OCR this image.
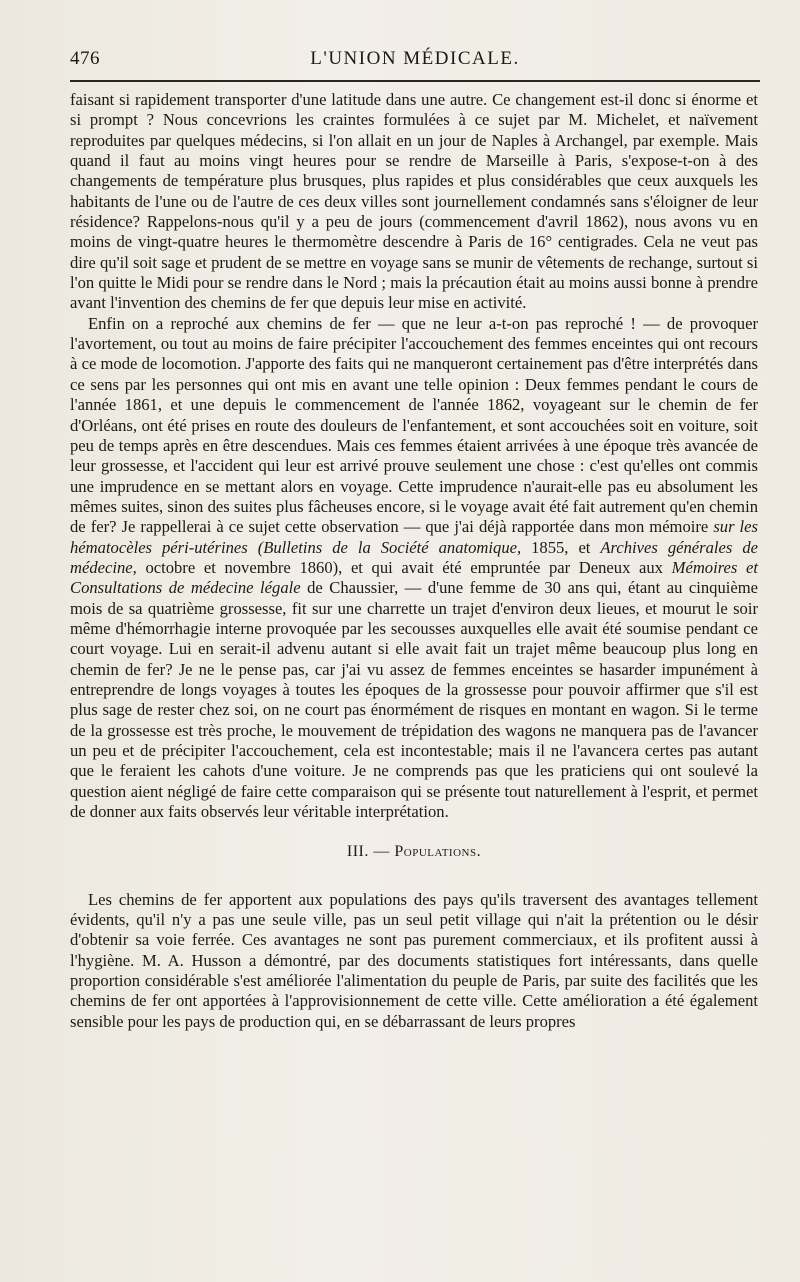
476	L'UNION MÉDICALE.

faisant si rapidement transporter d'une latitude dans une autre. Ce changement est-il donc si énorme et si prompt ? Nous concevrions les craintes formulées à ce sujet par M. Michelet, et naïvement reproduites par quelques médecins, si l'on allait en un jour de Naples à Archangel, par exemple. Mais quand il faut au moins vingt heures pour se rendre de Marseille à Paris, s'expose-t-on à des changements de température plus brusques, plus rapides et plus considérables que ceux auxquels les habitants de l'une ou de l'autre de ces deux villes sont journellement condamnés sans s'éloigner de leur résidence? Rappelons-nous qu'il y a peu de jours (commencement d'avril 1862), nous avons vu en moins de vingt-quatre heures le thermomètre descendre à Paris de 16° centigrades. Cela ne veut pas dire qu'il soit sage et prudent de se mettre en voyage sans se munir de vêtements de rechange, surtout si l'on quitte le Midi pour se rendre dans le Nord ; mais la précaution était au moins aussi bonne à prendre avant l'invention des chemins de fer que depuis leur mise en activité.

Enfin on a reproché aux chemins de fer — que ne leur a-t-on pas reproché ! — de provoquer l'avortement, ou tout au moins de faire précipiter l'accouchement des femmes enceintes qui ont recours à ce mode de locomotion. J'apporte des faits qui ne manqueront certainement pas d'être interprétés dans ce sens par les personnes qui ont mis en avant une telle opinion : Deux femmes pendant le cours de l'année 1861, et une depuis le commencement de l'année 1862, voyageant sur le chemin de fer d'Orléans, ont été prises en route des douleurs de l'enfantement, et sont accouchées soit en voiture, soit peu de temps après en être descendues. Mais ces femmes étaient arrivées à une époque très avancée de leur grossesse, et l'accident qui leur est arrivé prouve seulement une chose : c'est qu'elles ont commis une imprudence en se mettant alors en voyage. Cette imprudence n'aurait-elle pas eu absolument les mêmes suites, sinon des suites plus fâcheuses encore, si le voyage avait été fait autrement qu'en chemin de fer? Je rappellerai à ce sujet cette observation — que j'ai déjà rapportée dans mon mémoire sur les hématocèles péri-utérines (Bulletins de la Société anatomique, 1855, et Archives générales de médecine, octobre et novembre 1860), et qui avait été empruntée par Deneux aux Mémoires et Consultations de médecine légale de Chaussier, — d'une femme de 30 ans qui, étant au cinquième mois de sa quatrième grossesse, fit sur une charrette un trajet d'environ deux lieues, et mourut le soir même d'hémorrhagie interne provoquée par les secousses auxquelles elle avait été soumise pendant ce court voyage. Lui en serait-il advenu autant si elle avait fait un trajet même beaucoup plus long en chemin de fer? Je ne le pense pas, car j'ai vu assez de femmes enceintes se hasarder impunément à entreprendre de longs voyages à toutes les époques de la grossesse pour pouvoir affirmer que s'il est plus sage de rester chez soi, on ne court pas énormément de risques en montant en wagon. Si le terme de la grossesse est très proche, le mouvement de trépidation des wagons ne manquera pas de l'avancer un peu et de précipiter l'accouchement, cela est incontestable; mais il ne l'avancera certes pas autant que le feraient les cahots d'une voiture. Je ne comprends pas que les praticiens qui ont soulevé la question aient négligé de faire cette comparaison qui se présente tout naturellement à l'esprit, et permet de donner aux faits observés leur véritable interprétation.

III. — Populations.

Les chemins de fer apportent aux populations des pays qu'ils traversent des avantages tellement évidents, qu'il n'y a pas une seule ville, pas un seul petit village qui n'ait la prétention ou le désir d'obtenir sa voie ferrée. Ces avantages ne sont pas purement commerciaux, et ils profitent aussi à l'hygiène. M. A. Husson a démontré, par des documents statistiques fort intéressants, dans quelle proportion considérable s'est améliorée l'alimentation du peuple de Paris, par suite des facilités que les chemins de fer ont apportées à l'approvisionnement de cette ville. Cette amélioration a été également sensible pour les pays de production qui, en se débarrassant de leurs propres
